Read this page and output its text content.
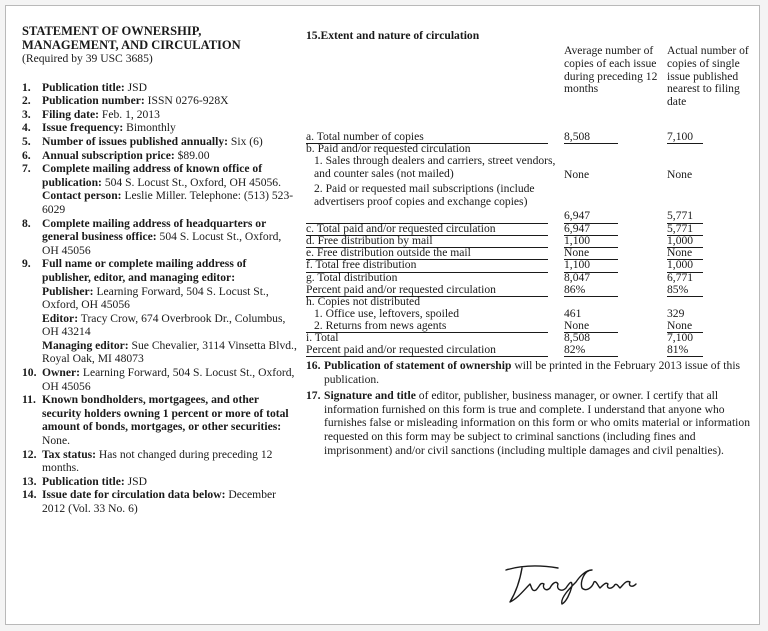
STATEMENT OF OWNERSHIP,
MANAGEMENT, AND CIRCULATION
(Required by 39 USC 3685)
1. Publication title: JSD
2. Publication number: ISSN 0276-928X
3. Filing date: Feb. 1, 2013
4. Issue frequency: Bimonthly
5. Number of issues published annually: Six (6)
6. Annual subscription price: $89.00
7. Complete mailing address of known office of publication: 504 S. Locust St., Oxford, OH 45056.
Contact person: Leslie Miller. Telephone: (513) 523-6029
8. Complete mailing address of headquarters or general business office: 504 S. Locust St., Oxford, OH 45056
9. Full name or complete mailing address of publisher, editor, and managing editor:
Publisher: Learning Forward, 504 S. Locust St., Oxford, OH 45056
Editor: Tracy Crow, 674 Overbrook Dr., Columbus, OH 43214
Managing editor: Sue Chevalier, 3114 Vinsetta Blvd., Royal Oak, MI 48073
10. Owner: Learning Forward, 504 S. Locust St., Oxford, OH 45056
11. Known bondholders, mortgagees, and other security holders owning 1 percent or more of total amount of bonds, mortgages, or other securities: None.
12. Tax status: Has not changed during preceding 12 months.
13. Publication title: JSD
14. Issue date for circulation data below: December 2012 (Vol. 33 No. 6)
15.Extent and nature of circulation
Average number of copies of each issue during preceding 12 months
Actual number of copies of single issue published nearest to filing date
a. Total number of copies	8,508	7,100
b. Paid and/or requested circulation
1. Sales through dealers and carriers, street vendors, and counter sales (not mailed)	None	None
2. Paid or requested mail subscriptions (include advertisers proof copies and exchange copies)
6,947	5,771
c. Total paid and/or requested circulation	6,947	5,771
d. Free distribution by mail	1,100	1,000
e. Free distribution outside the mail	None	None
f. Total free distribution	1,100	1,000
g. Total distribution	8,047	6,771
Percent paid and/or requested circulation	86%	85%
h. Copies not distributed
1. Office use, leftovers, spoiled	461	329
2. Returns from news agents	None	None
i. Total	8,508	7,100
Percent paid and/or requested circulation	82%	81%
16. Publication of statement of ownership will be printed in the February 2013 issue of this publication.
17. Signature and title of editor, publisher, business manager, or owner. I certify that all information furnished on this form is true and complete. I understand that anyone who furnishes false or misleading information on this form or who omits material or information requested on this form may be subject to criminal sanctions (including fines and imprisonment) and/or civil sanctions (including multiple damages and civil penalties).
